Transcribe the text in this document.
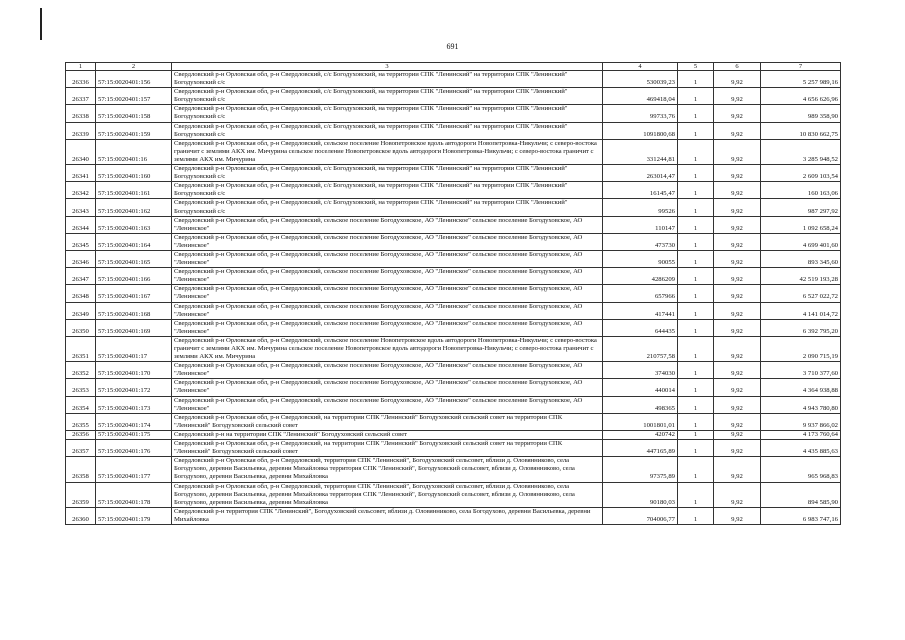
691
1	2	3	4	5	6	7
26336	57:15:0020401:156	Свердловский р-н Орловская обл, р-н Свердловский, с/с Богодуховский, на территории СПК "Ленинский" на территории СПК "Ленинский" Богодуховский с/с	530039,23	1	9,92	5 257 989,16
26337	57:15:0020401:157	Свердловский р-н Орловская обл, р-н Свердловский, с/с Богодуховский, на территории СПК "Ленинский" на территории СПК "Ленинский" Богодуховский с/с	469418,04	1	9,92	4 656 626,96
26338	57:15:0020401:158	Свердловский р-н Орловская обл, р-н Свердловский, с/с Богодуховский, на территории СПК "Ленинский" на территории СПК "Ленинский" Богодуховский с/с	99733,76	1	9,92	989 358,90
26339	57:15:0020401:159	Свердловский р-н Орловская обл, р-н Свердловский, с/с Богодуховский, на территории СПК "Ленинский" на территории СПК "Ленинский" Богодуховский с/с	1091800,68	1	9,92	10 830 662,75
26340	57:15:0020401:16	Свердловский р-н Орловская обл, р-н Свердловский, сельское поселение Новопетровское вдоль автодороги Новопетровка-Никульчи; с северо-востока граничит с землями АКХ им. Мичурина сельское поселение Новопетровское вдоль автодороги Новопетровка-Никульчи; с северо-востока граничит с землями АКХ им. Мичурина	331244,81	1	9,92	3 285 948,52
26341	57:15:0020401:160	Свердловский р-н Орловская обл, р-н Свердловский, с/с Богодуховский, на территории СПК "Ленинский" на территории СПК "Ленинский" Богодуховский с/с	263014,47	1	9,92	2 609 103,54
26342	57:15:0020401:161	Свердловский р-н Орловская обл, р-н Свердловский, с/с Богодуховский, на территории СПК "Ленинский" на территории СПК "Ленинский" Богодуховский с/с	16145,47	1	9,92	160 163,06
26343	57:15:0020401:162	Свердловский р-н Орловская обл, р-н Свердловский, с/с Богодуховский, на территории СПК "Ленинский" на территории СПК "Ленинский" Богодуховский с/с	99526	1	9,92	987 297,92
26344	57:15:0020401:163	Свердловский р-н Орловская обл, р-н Свердловский, сельское поселение Богодуховское, АО "Ленинское" сельское поселение Богодуховское, АО "Ленинское"	110147	1	9,92	1 092 658,24
26345	57:15:0020401:164	Свердловский р-н Орловская обл, р-н Свердловский, сельское поселение Богодуховское, АО "Ленинское" сельское поселение Богодуховское, АО "Ленинское"	473730	1	9,92	4 699 401,60
26346	57:15:0020401:165	Свердловский р-н Орловская обл, р-н Свердловский, сельское поселение Богодуховское, АО "Ленинское" сельское поселение Богодуховское, АО "Ленинское"	90055	1	9,92	893 345,60
26347	57:15:0020401:166	Свердловский р-н Орловская обл, р-н Свердловский, сельское поселение Богодуховское, АО "Ленинское" сельское поселение Богодуховское, АО "Ленинское"	4286209	1	9,92	42 519 193,28
26348	57:15:0020401:167	Свердловский р-н Орловская обл, р-н Свердловский, сельское поселение Богодуховское, АО "Ленинское" сельское поселение Богодуховское, АО "Ленинское"	657966	1	9,92	6 527 022,72
26349	57:15:0020401:168	Свердловский р-н Орловская обл, р-н Свердловский, сельское поселение Богодуховское, АО "Ленинское" сельское поселение Богодуховское, АО "Ленинское"	417441	1	9,92	4 141 014,72
26350	57:15:0020401:169	Свердловский р-н Орловская обл, р-н Свердловский, сельское поселение Богодуховское, АО "Ленинское" сельское поселение Богодуховское, АО "Ленинское"	644435	1	9,92	6 392 795,20
26351	57:15:0020401:17	Свердловский р-н Орловская обл, р-н Свердловский, сельское поселение Новопетровское вдоль автодороги Новопетровка-Никульчи; с северо-востока граничит с землями АКХ им. Мичурина сельское поселение Новопетровское вдоль автодороги Новопетровка-Никульчи; с северо-востока граничит с землями АКХ им. Мичурина	210757,58	1	9,92	2 090 715,19
26352	57:15:0020401:170	Свердловский р-н Орловская обл, р-н Свердловский, сельское поселение Богодуховское, АО "Ленинское" сельское поселение Богодуховское, АО "Ленинское"	374030	1	9,92	3 710 377,60
26353	57:15:0020401:172	Свердловский р-н Орловская обл, р-н Свердловский, сельское поселение Богодуховское, АО "Ленинское" сельское поселение Богодуховское, АО "Ленинское"	440014	1	9,92	4 364 938,88
26354	57:15:0020401:173	Свердловский р-н Орловская обл, р-н Свердловский, сельское поселение Богодуховское, АО "Ленинское" сельское поселение Богодуховское, АО "Ленинское"	498365	1	9,92	4 943 780,80
26355	57:15:0020401:174	Свердловский р-н Орловская обл, р-н Свердловский, на территории СПК "Ленинский" Богодуховский сельский совет на территории СПК "Ленинский" Богодуховский сельский совет	1001801,01	1	9,92	9 937 866,02
26356	57:15:0020401:175	Свердловский р-н на территории СПК "Ленинский" Богодуховский сельский совет	420742	1	9,92	4 173 760,64
26357	57:15:0020401:176	Свердловский р-н Орловская обл, р-н Свердловский, на территории СПК "Ленинский" Богодуховский сельский совет на территории СПК "Ленинский" Богодуховский сельский совет	447165,89	1	9,92	4 435 885,63
26358	57:15:0020401:177	Свердловский р-н Орловская обл, р-н Свердловский, территория СПК "Ленинский", Богодуховский сельсовет, вблизи д. Оловянниково, села Богодухово, деревни Васильевка, деревни Михайловка территория СПК "Ленинский", Богодуховский сельсовет, вблизи д. Оловянниково, села Богодухово, деревни Васильевка, деревни Михайловка	97375,89	1	9,92	965 968,83
26359	57:15:0020401:178	Свердловский р-н Орловская обл, р-н Свердловский, территория СПК "Ленинский", Богодуховский сельсовет, вблизи д. Оловянниково, села Богодухово, деревни Васильевка, деревни Михайловка территория СПК "Ленинский", Богодуховский сельсовет, вблизи д. Оловянниково, села Богодухово, деревни Васильевка, деревни Михайловка	90180,03	1	9,92	894 585,90
26360	57:15:0020401:179	Свердловский р-н территория СПК "Ленинский", Богодуховский сельсовет, вблизи д. Оловянниково, села Богодухово, деревни Васильевка, деревни Михайловка	704006,77	1	9,92	6 983 747,16
